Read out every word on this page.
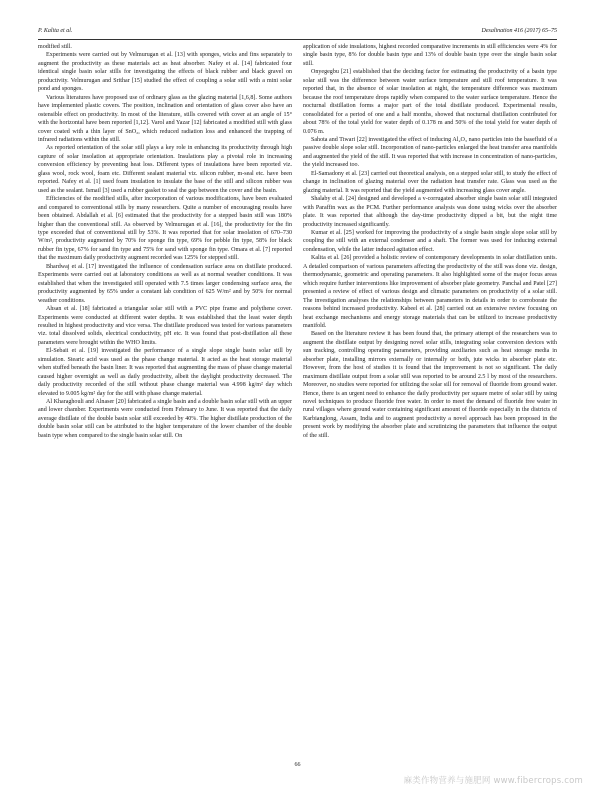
P. Kalita et al.	Desalination 416 (2017) 65–75

modified still.

Experiments were carried out by Velmurugan et al. [13] with sponges, wicks and fins separately to augment the productivity as these materials act as heat absorber. Nafey et al. [14] fabricated four identical single basin solar stills for investigating the effects of black rubber and black gravel on productivity. Velmurugan and Srithar [15] studied the effect of coupling a solar still with a mini solar pond and sponges.

Various literatures have proposed use of ordinary glass as the glazing material [1,6,8]. Some authors have implemented plastic covers. The position, inclination and orientation of glass cover also have an ostensible effect on productivity. In most of the literature, stills covered with cover at an angle of 15° with the horizontal have been reported [1,12]. Varol and Yazar [12] fabricated a modified still with glass cover coated with a thin layer of SnO₂, which reduced radiation loss and enhanced the trapping of infrared radiations within the still.

As reported orientation of the solar still plays a key role in enhancing its productivity through high capture of solar insolation at appropriate orientation. Insulations play a pivotal role in increasing conversion efficiency by preventing heat loss. Different types of insulations have been reported viz. glass wool, rock wool, foam etc. Different sealant material viz. silicon rubber, m-seal etc. have been reported. Nafey et al. [1] used foam insulation to insulate the base of the still and silicon rubber was used as the sealant. Ismail [3] used a rubber gasket to seal the gap between the cover and the basin.

Efficiencies of the modified stills, after incorporation of various modifications, have been evaluated and compared to conventional stills by many researchers. Quite a number of encouraging results have been obtained. Abdallah et al. [6] estimated that the productivity for a stepped basin still was 180% higher than the conventional still. As observed by Velmurugan et al. [16], the productivity for the fin type exceeded that of conventional still by 53%. It was reported that for solar insolation of 670–730 W/m², productivity augmented by 70% for sponge fin type, 69% for pebble fin type, 58% for black rubber fin type, 67% for sand fin type and 75% for sand with sponge fin type. Omara et al. [7] reported that the maximum daily productivity augment recorded was 125% for stepped still.

Bhardwaj et al. [17] investigated the influence of condensation surface area on distillate produced. Experiments were carried out at laboratory conditions as well as at normal weather conditions. It was established that when the investigated still operated with 7.5 times larger condensing surface area, the productivity augmented by 65% under a constant lab condition of 625 W/m² and by 50% for normal weather conditions.

Ahsan et al. [18] fabricated a triangular solar still with a PVC pipe frame and polythene cover. Experiments were conducted at different water depths. It was established that the least water depth resulted in highest productivity and vice versa. The distillate produced was tested for various parameters viz. total dissolved solids, electrical conductivity, pH etc. It was found that post-distillation all these parameters were brought within the WHO limits.

El-Sebaii et al. [19] investigated the performance of a single slope single basin solar still by simulation. Stearic acid was used as the phase change material. It acted as the heat storage material when stuffed beneath the basin liner. It was reported that augmenting the mass of phase change material caused higher overnight as well as daily productivity, albeit the daylight productivity decreased. The daily productivity recorded of the still without phase change material was 4.998 kg/m² day which elevated to 9.005 kg/m² day for the still with phase change material.

Al Kharaghouli and Alnaser [20] fabricated a single basin and a double basin solar still with an upper and lower chamber. Experiments were conducted from February to June. It was reported that the daily average distillate of the double basin solar still exceeded by 40%. The higher distillate production of the double basin solar still can be attributed to the higher temperature of the lower chamber of the double basin type when compared to the single basin solar still. On

application of side insulations, highest recorded comparative increments in still efficiencies were 4% for single basin type, 8% for double basin type and 13% of double basin type over the single basin solar still.

Onyegegbu [21] established that the deciding factor for estimating the productivity of a basin type solar still was the difference between water surface temperature and still roof temperature. It was reported that, in the absence of solar insolation at night, the temperature difference was maximum because the roof temperature drops rapidly when compared to the water surface temperature. Hence the nocturnal distillation forms a major part of the total distillate produced. Experimental results, consolidated for a period of one and a half months, showed that nocturnal distillation contributed for about 78% of the total yield for water depth of 0.178 m and 50% of the total yield for water depth of 0.076 m.

Sahota and Tiwari [22] investigated the effect of inducing Al₂O₃ nano particles into the basefluid of a passive double slope solar still. Incorporation of nano-particles enlarged the heat transfer area manifolds and augmented the yield of the still. It was reported that with increase in concentration of nano-particles, the yield increased too.

El-Samadony et al. [23] carried out theoretical analysis, on a stepped solar still, to study the effect of change in inclination of glazing material over the radiation heat transfer rate. Glass was used as the glazing material. It was reported that the yield augmented with increasing glass cover angle.

Shalaby et al. [24] designed and developed a v-corrugated absorber single basin solar still integrated with Paraffin wax as the PCM. Further performance analysis was done using wicks over the absorber plate. It was reported that although the day-time productivity dipped a bit, but the night time productivity increased significantly.

Kumar et al. [25] worked for improving the productivity of a single basin single slope solar still by coupling the still with an external condenser and a shaft. The former was used for inducing external condensation, while the latter induced agitation effect.

Kalita et al. [26] provided a holistic review of contemporary developments in solar distillation units. A detailed comparison of various parameters affecting the productivity of the still was done viz. design, thermodynamic, geometric and operating parameters. It also highlighted some of the major focus areas which require further interventions like improvement of absorber plate geometry. Panchal and Patel [27] presented a review of effect of various design and climatic parameters on productivity of a solar still. The investigation analyses the relationships between parameters in details in order to corroborate the reasons behind increased productivity. Kabeel et al. [28] carried out an extensive review focusing on heat exchange mechanisms and energy storage materials that can be utilized to increase productivity manifold.

Based on the literature review it has been found that, the primary attempt of the researchers was to augment the distillate output by designing novel solar stills, integrating solar conversion devices with sun tracking, controlling operating parameters, providing auxiliaries such as heat storage media in absorber plate, installing mirrors externally or internally or both, jute wicks in absorber plate etc. However, from the host of studies it is found that the improvement is not so significant. The daily maximum distillate output from a solar still was reported to be around 2.5 l by most of the researchers. Moreover, no studies were reported for utilizing the solar sill for removal of fluoride from ground water. Hence, there is an urgent need to enhance the daily productivity per square metre of solar still by using novel techniques to produce fluoride free water. In order to meet the demand of fluoride free water in rural villages where ground water containing significant amount of fluoride especially in the districts of Karbianglong, Assam, India and to augment productivity a novel approach has been proposed in the present work by modifying the absorber plate and scrutinizing the parameters that influence the output of the still.

66
麻类作物营养与施肥网 www.fibercrops.com
